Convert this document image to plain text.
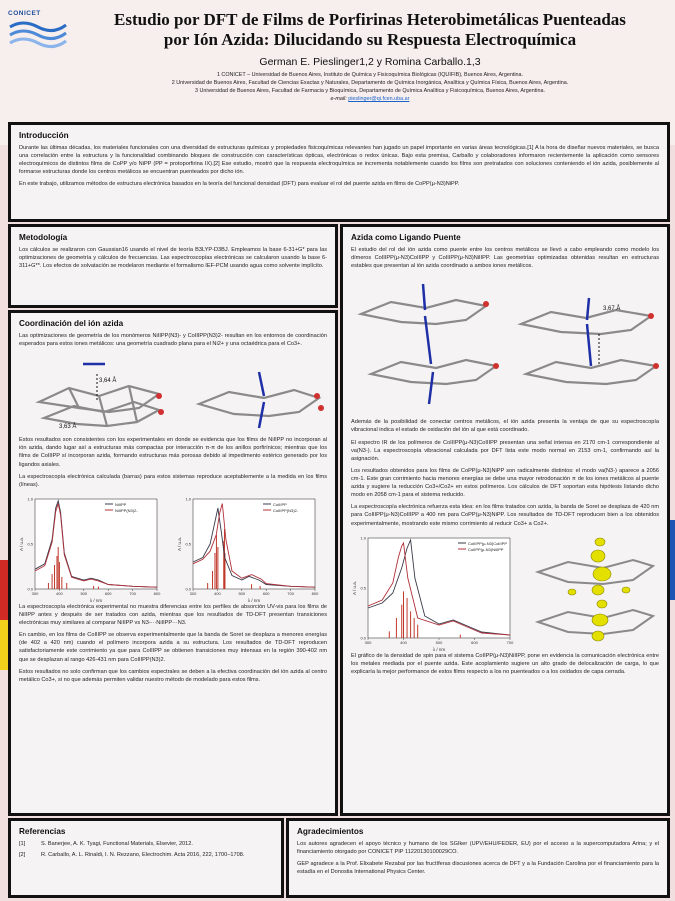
CONICET	Estudio por DFT de Films de Porfirinas Heterobimetálicas Puenteadas
por Ión Azida: Dilucidando su Respuesta Electroquímica
German E. Pieslinger1,2 y Romina Carballo.1,3
1 CONICET – Universidad de Buenos Aires, Instituto de Química y Fisicoquímica Biológicas (IQUIFIB), Buenos Aires, Argentina.
2 Universidad de Buenos Aires, Facultad de Ciencias Exactas y Naturales, Departamento de Química Inorgánica, Analítica y Química Física, Buenos Aires, Argentina.
3 Universidad de Buenos Aires, Facultad de Farmacia y Bioquímica, Departamento de Química Analítica y Fisicoquímica, Buenos Aires, Argentina.
e-mail: pieslinger@qi.fcen.uba.ar
Introducción

Durante las últimas décadas, los materiales funcionales con una diversidad de estructuras químicas y propiedades fisicoquímicas relevantes han jugado un papel importante en varias áreas tecnológicas.[1] A la hora de diseñar nuevos materiales, se busca una correlación entre la estructura y la funcionalidad combinando bloques de construcción con características ópticas, electrónicas o redox únicas. Bajo esta premisa, Carballo y colaboradores informaron recientemente la aplicación como sensores electroquímicos de distintos films de CoPP y/o NiPP (PP = protoporfirina IX).[2] Ese estudio, mostró que la respuesta electroquímica se incrementa notablemente cuando los films son pretratados con soluciones conteniendo el ión azida, posiblemente al formarse estructuras donde los centros metálicos se encuentran puenteados por dicho ión.

En este trabajo, utilizamos métodos de estructura electrónica basados en la teoría del funcional densidad (DFT) para evaluar el rol del puente azida en films de CoPP(μ-N3)NiPP.

Metodología

Los cálculos se realizaron con Gaussian16 usando el nivel de teoría B3LYP-D3BJ. Empleamos la base 6-31+G* para las optimizaciones de geometría y cálculos de frecuencias. Las espectroscopías electrónicas se calcularon usando la base 6-311+G**. Los efectos de solvatación se modelaron mediante el formalismo IEF-PCM usando agua como solvente implícito.

Coordinación del ión azida

Las optimizaciones de geometría de los monómeros NiIIPP(N3)- y CoIIIPP(N3)2- resultan en los entornos de coordinación esperados para estos iones metálicos: una geometría cuadrado plana para el Ni2+ y una octaédrica para el Co3+.

3,64 Å
3,63 Å

Estos resultados son consistentes con los experimentales en donde se evidencia que los films de NiIIPP no incorporan al ión azida, dando lugar así a estructuras más compactas por interacción π-π de los anillos porfirínicos; mientras que los films de CoIIIPP sí incorporan azida, formando estructuras más porosas debido al impedimento estérico generado por los ligandos axiales.

La espectroscopía electrónica calculada (barras) para estos sistemas reproduce aceptablemente a la medida en los films (líneas).

NiIIPP
NiIIPP(N3)2-
300	400	500	600	700	800
0.0
0.5
1.0
λ / nm
A / u.a.
CoIIIPP
CoIIIPP(N3)2-
300	400	500	600	700	800
0.0
0.5
1.0
λ / nm
A / u.a.

La espectroscopía electrónica experimental no muestra diferencias entre los perfiles de absorción UV-vis para los films de NiIIPP antes y después de ser tratados con azida, mientras que los resultados de TD-DFT presentan transiciones electrónicas muy similares al comparar NiIIPP vs N3-···NiIIPP···N3.

En cambio, en los films de CoIIIPP se observa experimentalmente que la banda de Soret se desplaza a menores energías (de 402 a 420 nm) cuando el polímero incorpora azida a su estructura. Los resultados de TD-DFT reproducen satisfactoriamente este corrimiento ya que para CoIIIPP se obtienen transiciones muy intensas en la región 390-402 nm que se desplazan al rango 426-431 nm para CoIIIPP(N3)2.

Estos resultados no solo confirman que los cambios espectrales se deben a la efectiva coordinación del ión azida al centro metálico Co3+, si no que además permiten validar nuestro método de modelado para estos films.

Azida como Ligando Puente

El estudio del rol del ión azida como puente entre los centros metálicos se llevó a cabo empleando como modelo los dímeros CoIIIPP(μ-N3)CoIIIPP y CoIIIPP(μ-N3)NiIIPP. Las geometrías optimizadas obtenidas resultan en estructuras estables que presentan al ión azida coordinado a ambos iones metálicos.

3,67 Å

Además de la posibilidad de conectar centros metálicos, el ión azida presenta la ventaja de que su espectroscopía vibracional indica el estado de oxidación del ión al que está coordinado.

El espectro IR de los polímeros de CoIIIPP(μ-N3)CoIIIPP presentan una señal intensa en 2170 cm-1 correspondiente al νa(N3-). La espectroscopía vibracional calculada por DFT lista este modo normal en 2153 cm-1, confirmando así la asignación.

Los resultados obtenidos para los films de CoPP(μ-N3)NiPP son radicalmente distintos: el modo νa(N3-) aparece a 2056 cm-1. Este gran corrimiento hacia menores energías se debe una mayor retrodonación π de los iones metálicos al puente azida y sugiere la reducción Co3+/Co2+ en estos polímeros. Los cálculos de DFT soportan esta hipótesis listando dicho modo en 2058 cm-1 para el sistema reducido.

La espectroscopía electrónica refuerza esta idea: en los films tratados con azida, la banda de Soret se desplaza de 420 nm para CoIIIPP(μ-N3)CoIIIPP a 400 nm para CoPP(μ-N3)NiPP. Los resultados de TD-DFT reproducen bien a los obtenidos experimentalmente, mostrando este mismo corrimiento al reducir Co3+ a Co2+.

CoIIIPP(μ-N3)CoIIIPP
CoIIPP(μ-N3)NiIIPP
300	400	500	600	700
0.0
0.5
1.0
λ / nm
A / u.a.

El gráfico de la densidad de spin para el sistema CoIIPP(μ-N3)NiIIPP, pone en evidencia la comunicación electrónica entre los metales mediada por el puente azida. Este acoplamiento sugiere un alto grado de delocalización de carga, lo que explicaría la mejor performance de estos films respecto a los no puenteados o a los oxidados de capa cerrada.

Referencias
[1]	S. Banerjee, A. K. Tyagi, Functional Materials, Elsevier, 2012.
[2]	R. Carballo, A. L. Rinaldi, I. N. Rezzano, Electrochim. Acta 2016, 222, 1700–1708.
Agradecimientos

Los autores agradecen el apoyo técnico y humano de los SGIker (UPV/EHU/FEDER, EU) por el acceso a la supercomputadora Arina; y el financiamiento otorgado por CONICET PIP 11220130100029CO.

GEP agradece a la Prof. Elixabete Rezabal por las fructíferas discusiones acerca de DFT y a la Fundación Carolina por el financiamiento para la estadía en el Donostia International Physics Center.
